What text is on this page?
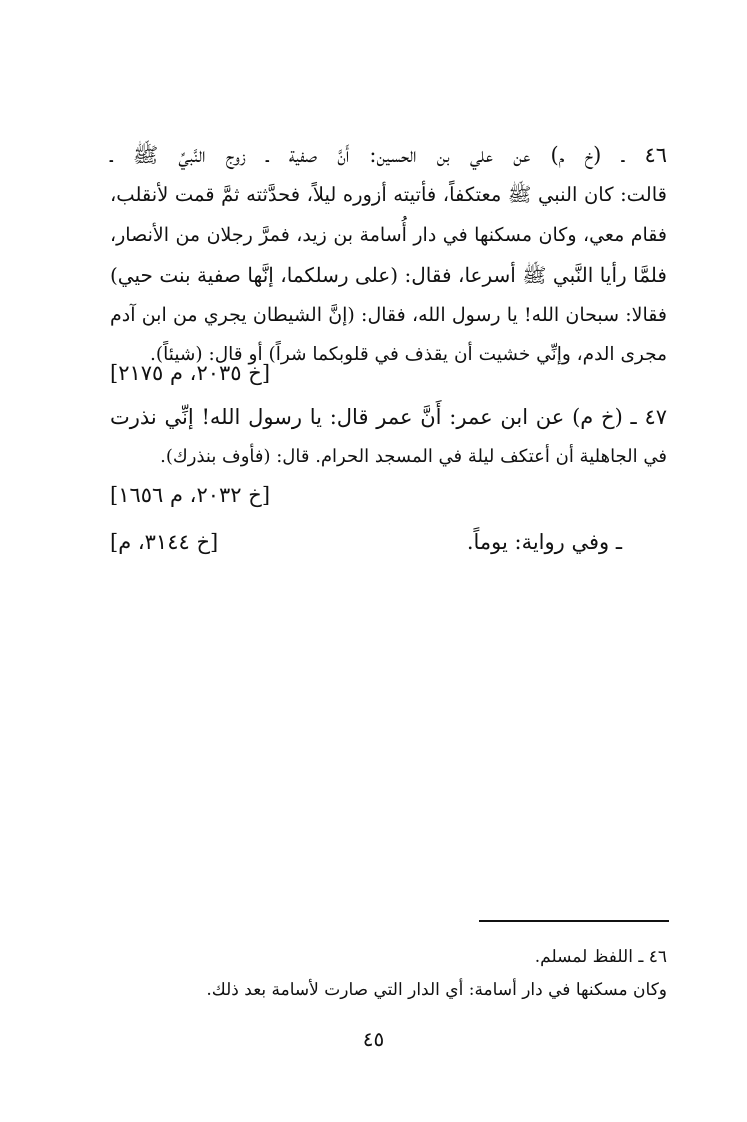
٤٦ ـ (خ م) عن علي بن الحسين: أَنَّ صفية ـ زوج النَّبيِّ ﷺ ـ
قالت: كان النبي ﷺ معتكفاً، فأتيته أزوره ليلاً، فحدَّثته ثمَّ قمت لأنقلب،
فقام معي، وكان مسكنها في دار أُسامة بن زيد، فمرَّ رجلان من الأنصار،
فلمَّا رأيا النَّبي ﷺ أسرعا، فقال: (على رسلكما، إنَّها صفية بنت حيي)
فقالا: سبحان الله! يا رسول الله، فقال: (إنَّ الشيطان يجري من ابن آدم
مجرى الدم، وإنِّي خشيت أن يقذف في قلوبكما شراً) أو قال: (شيئاً).
[خ ٢٠٣٥، م ٢١٧٥]
٤٧ ـ (خ م) عن ابن عمر: أَنَّ عمر قال: يا رسول الله! إنِّي نذرت
في الجاهلية أن أعتكف ليلة في المسجد الحرام. قال: (فأوف بنذرك).
[خ ٢٠٣٢، م ١٦٥٦]
ـ وفي رواية: يوماً.
[خ ٣١٤٤، م]
٤٦ ـ اللفظ لمسلم.
وكان مسكنها في دار أسامة: أي الدار التي صارت لأسامة بعد ذلك.
٤٥
